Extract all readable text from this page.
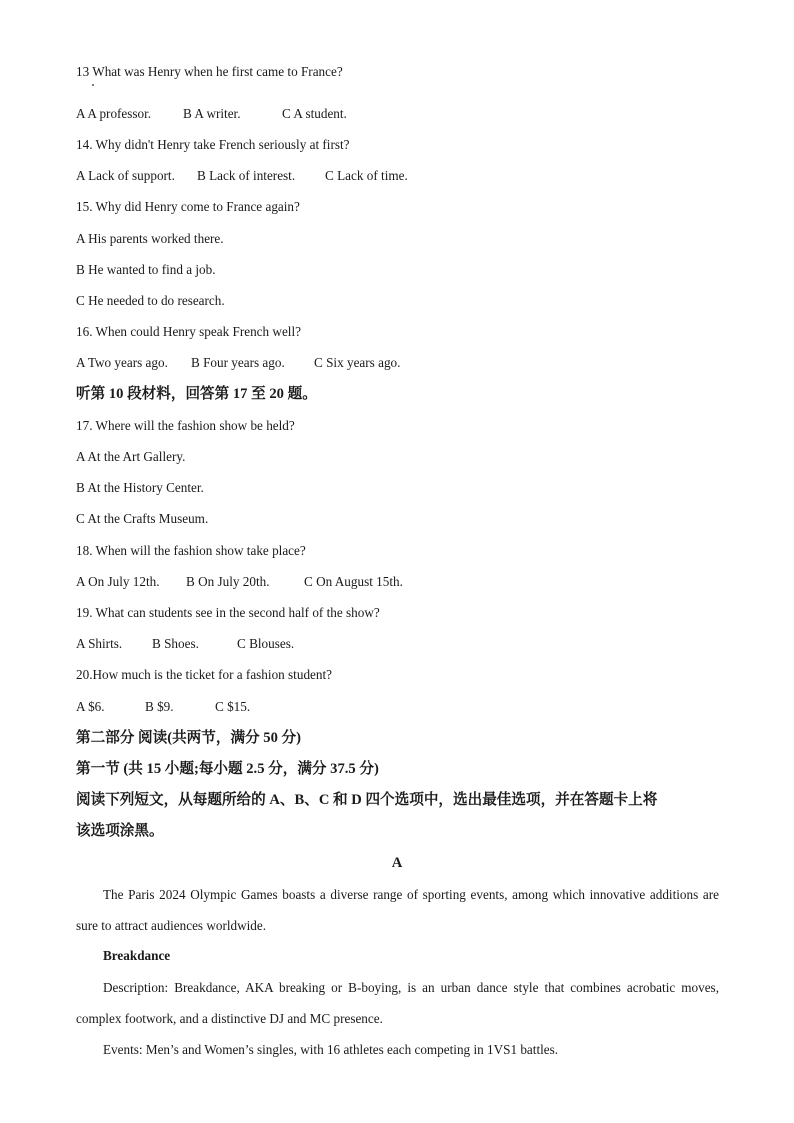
13 What was Henry when he first came to France?
A A professor. B A writer.	C A student.
14. Why didn't Henry take French seriously at first?
A Lack of support. B Lack of interest. C Lack of time.
15. Why did Henry come to France again?
A His parents worked there.
B He wanted to find a job.
C He needed to do research.
16. When could Henry speak French well?
A Two years ago. B Four years ago. C Six years ago.
听第 10 段材料，回答第 17 至 20 题。
17. Where will the fashion show be held?
A At the Art Gallery.
B At the History Center.
C At the Crafts Museum.
18. When will the fashion show take place?
A On July 12th. B On July 20th.	C On August 15th.
19. What can students see in the second half of the show?
A Shirts. B Shoes.	C Blouses.
20.How much is the ticket for a fashion student?
A $6.	B $9.	C $15.
第二部分 阅读(共两节，满分 50 分)
第一节 (共 15 小题;每小题 2.5 分，满分 37.5 分)
阅读下列短文，从每题所给的 A、B、C 和 D 四个选项中，选出最佳选项，并在答题卡上将
该选项涂黑。
A
The Paris 2024 Olympic Games boasts a diverse range of sporting events, among which innovative additions are sure to attract audiences worldwide.
Breakdance
Description: Breakdance, AKA breaking or B-boying, is an urban dance style that combines acrobatic moves, complex footwork, and a distinctive DJ and MC presence.
Events: Men’s and Women’s singles, with 16 athletes each competing in 1VS1 battles.
